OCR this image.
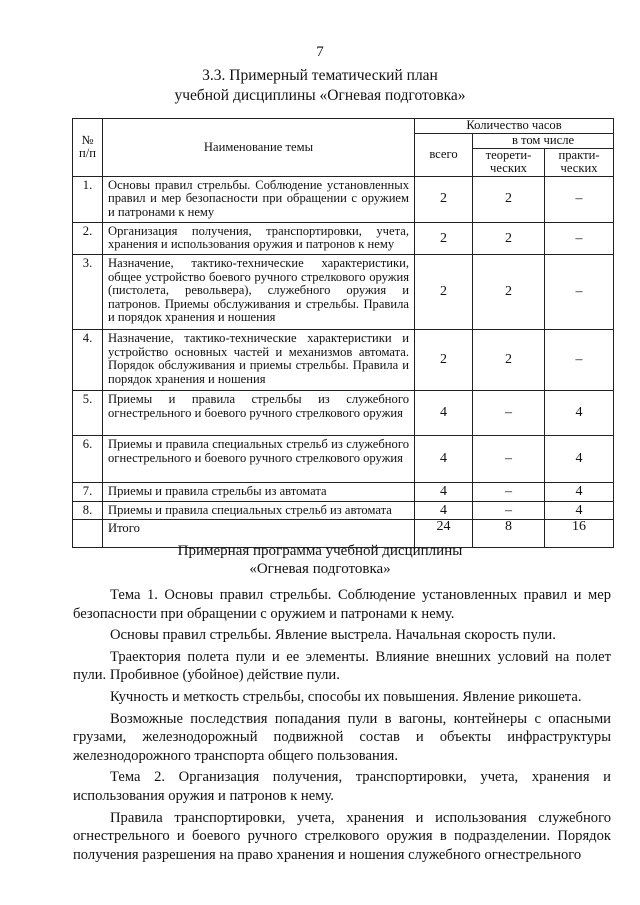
7
3.3. Примерный тематический план
учебной дисциплины «Огневая подготовка»
№ п/п	Наименование темы	Количество часов		
		всего	в том числе	
			теорети-ческих	практи-ческих
1.	Основы правил стрельбы. Соблюдение установленных правил и мер безопасности при обращении с оружием и патронами к нему	2	2	–
2.	Организация получения, транспортировки, учета, хранения и использования оружия и патронов к нему	2	2	–
3.	Назначение, тактико-технические характеристики, общее устройство боевого ручного стрелкового оружия (пистолета, револьвера), служебного оружия и патронов. Приемы обслуживания и стрельбы. Правила и порядок хранения и ношения	2	2	–
4.	Назначение, тактико-технические характеристики и устройство основных частей и механизмов автомата. Порядок обслуживания и приемы стрельбы. Правила и порядок хранения и ношения	2	2	–
5.	Приемы и правила стрельбы из служебного огнестрельного и боевого ручного стрелкового оружия	4	–	4
6.	Приемы и правила специальных стрельб из служебного огнестрельного и боевого ручного стрелкового оружия	4	–	4
7.	Приемы и правила стрельбы из автомата	4	–	4
8.	Приемы и правила специальных стрельб из автомата	4	–	4
	Итого	24	8	16
Примерная программа учебной дисциплины
«Огневая подготовка»

Тема 1. Основы правил стрельбы. Соблюдение установленных правил и мер безопасности при обращении с оружием и патронами к нему.

Основы правил стрельбы. Явление выстрела. Начальная скорость пули.

Траектория полета пули и ее элементы. Влияние внешних условий на полет пули. Пробивное (убойное) действие пули.

Кучность и меткость стрельбы, способы их повышения. Явление рикошета.

Возможные последствия попадания пули в вагоны, контейнеры с опасными грузами, железнодорожный подвижной состав и объекты инфраструктуры железнодорожного транспорта общего пользования.

Тема 2. Организация получения, транспортировки, учета, хранения и использования оружия и патронов к нему.

Правила транспортировки, учета, хранения и использования служебного огнестрельного и боевого ручного стрелкового оружия в подразделении. Порядок получения разрешения на право хранения и ношения служебного огнестрельного
